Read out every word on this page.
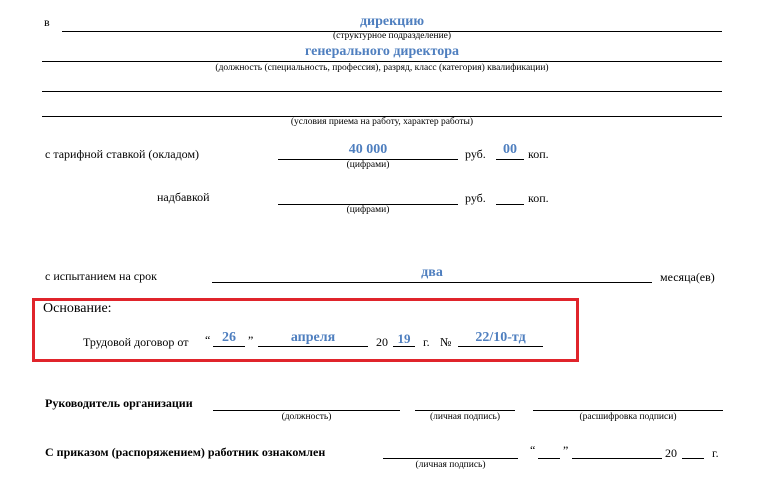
в	дирекцию
(структурное подразделение)
генерального директора
(должность (специальность, профессия), разряд, класс (категория) квалификации)
(условия приема на работу, характер работы)
с тарифной ставкой (окладом)	40 000
(цифрами)
руб.	00 коп.
надбавкой
(цифрами)
руб.	коп.
с испытанием на срок	два	месяца(ев)
Основание:
Трудовой договор от “ 26	”	апреля	20 19	г. №	22/10-тд
Руководитель организации
(должность)	(личная подпись)	(расшифровка подписи)
С приказом (распоряжением) работник ознакомлен
(личная подпись)
“ ”	20	г.
